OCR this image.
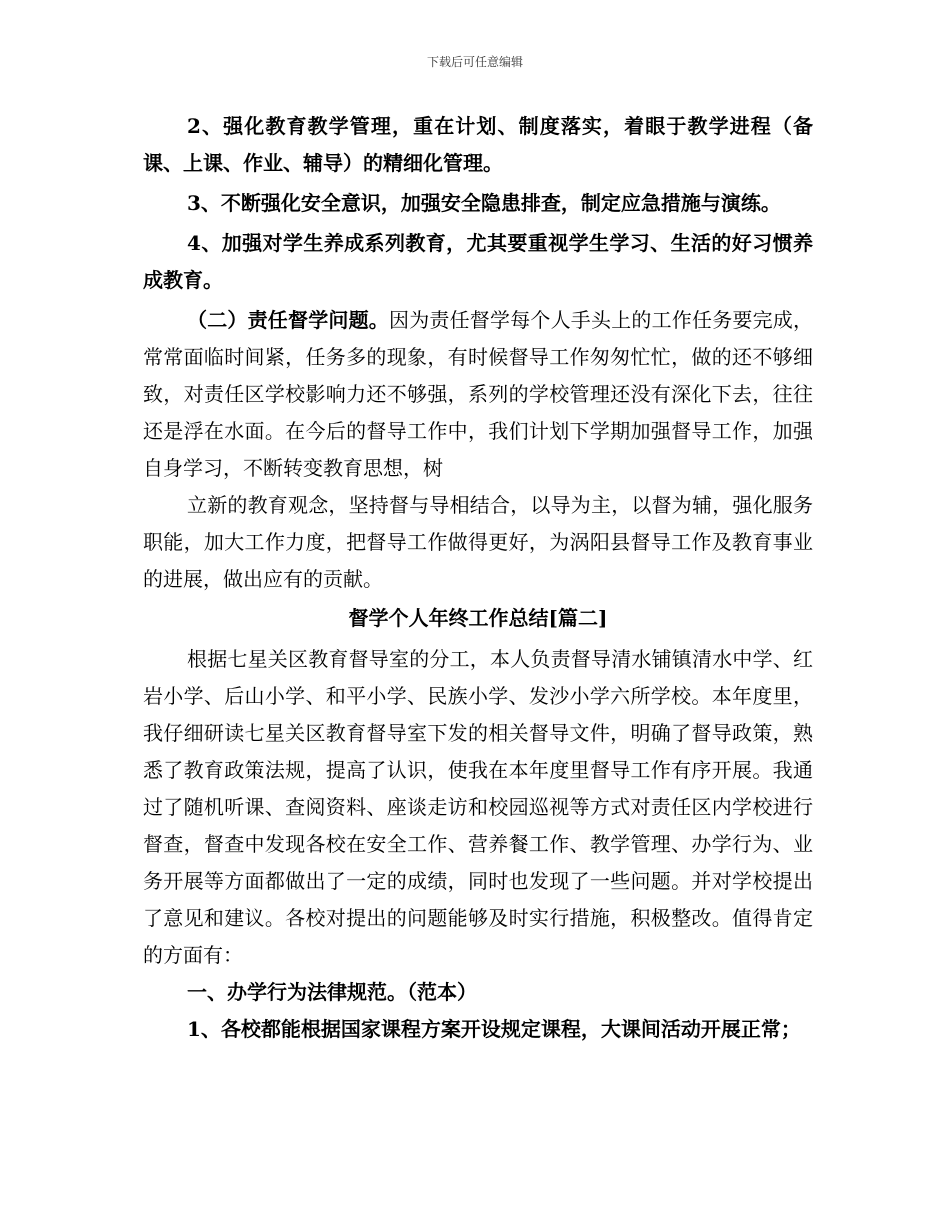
下载后可任意编辑

2、强化教育教学管理，重在计划、制度落实，着眼于教学进程（备课、上课、作业、辅导）的精细化管理。

3、不断强化安全意识，加强安全隐患排查，制定应急措施与演练。

4、加强对学生养成系列教育，尤其要重视学生学习、生活的好习惯养成教育。

（二）责任督学问题。因为责任督学每个人手头上的工作任务要完成，常常面临时间紧，任务多的现象，有时候督导工作匆匆忙忙，做的还不够细致，对责任区学校影响力还不够强，系列的学校管理还没有深化下去，往往还是浮在水面。在今后的督导工作中，我们计划下学期加强督导工作，加强自身学习，不断转变教育思想，树

立新的教育观念，坚持督与导相结合，以导为主，以督为辅，强化服务职能，加大工作力度，把督导工作做得更好，为涡阳县督导工作及教育事业的进展，做出应有的贡献。

督学个人年终工作总结[篇二]

根据七星关区教育督导室的分工，本人负责督导清水铺镇清水中学、红岩小学、后山小学、和平小学、民族小学、发沙小学六所学校。本年度里，我仔细研读七星关区教育督导室下发的相关督导文件，明确了督导政策，熟悉了教育政策法规，提高了认识，使我在本年度里督导工作有序开展。我通过了随机听课、查阅资料、座谈走访和校园巡视等方式对责任区内学校进行督查，督查中发现各校在安全工作、营养餐工作、教学管理、办学行为、业务开展等方面都做出了一定的成绩，同时也发现了一些问题。并对学校提出了意见和建议。各校对提出的问题能够及时实行措施，积极整改。值得肯定的方面有：

一、办学行为法律规范。（范本）

1、各校都能根据国家课程方案开设规定课程，大课间活动开展正常；
